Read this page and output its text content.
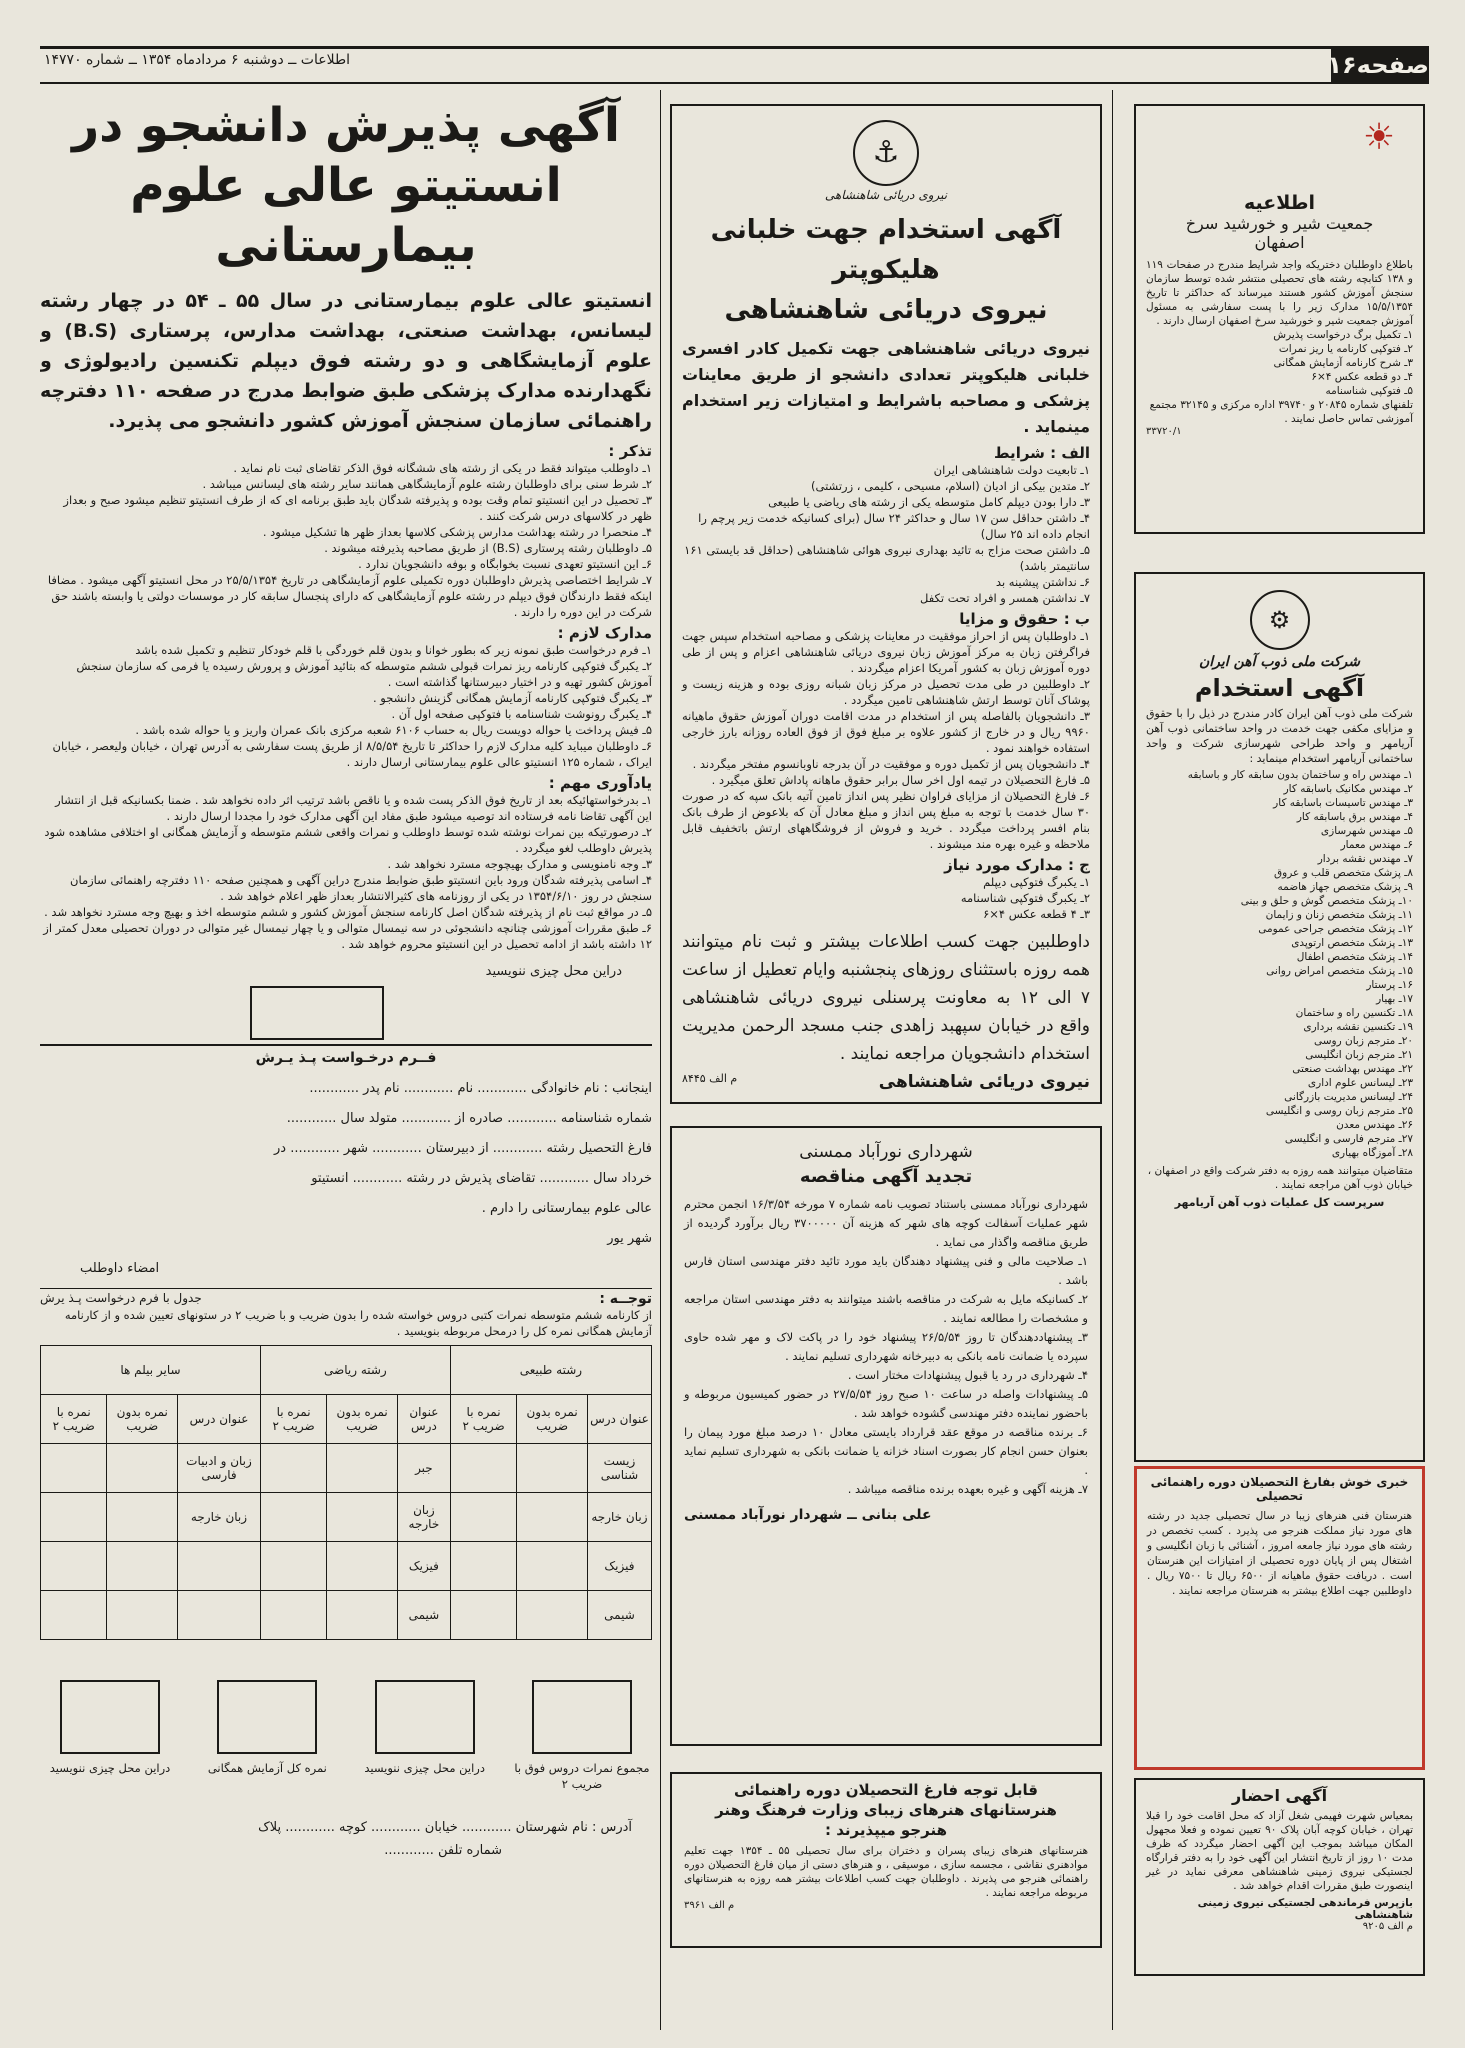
صفحه۱۶
اطلاعات ــ دوشنبه ۶ مردادماه ۱۳۵۴ ــ شماره ۱۴۷۷۰
آگهی پذیرش دانشجو در
انستیتو عالی علوم بیمارستانی
انستیتو عالی علوم بیمارستانی در سال ۵۵ ـ ۵۴ در چهار رشته لیسانس، بهداشت صنعتی، بهداشت مدارس، پرستاری (B.S) و علوم آزمایشگاهی و دو رشته فوق دیپلم تکنسین رادیولوژی و نگهدارنده مدارک پزشکی طبق ضوابط مدرج در صفحه ۱۱۰ دفترچه راهنمائی سازمان سنجش آموزش کشور دانشجو می پذیرد.
تذکر :
۱ـ داوطلب میتواند فقط در یکی از رشته های ششگانه فوق الذکر تقاضای ثبت نام نماید .
۲ـ شرط سنی برای داوطلبان رشته علوم آزمایشگاهی همانند سایر رشته های لیسانس میباشد .
۳ـ تحصیل در این انستیتو تمام وقت بوده و پذیرفته شدگان باید طبق برنامه ای که از طرف انستیتو تنظیم میشود صبح و بعداز ظهر در کلاسهای درس شرکت کنند .
۴ـ منحصرا در رشته بهداشت مدارس پزشکی کلاسها بعداز ظهر ها تشکیل میشود .
۵ـ داوطلبان رشته پرستاری (B.S) از طریق مصاحبه پذیرفته میشوند .
۶ـ این انستیتو تعهدی نسبت بخوابگاه و بوفه دانشجویان ندارد .
۷ـ شرایط اختصاصی پذیرش داوطلبان دوره تکمیلی علوم آزمایشگاهی در تاریخ ۲۵/۵/۱۳۵۴ در محل انستیتو آگهی میشود . مضافا اینکه فقط دارندگان فوق دیپلم در رشته علوم آزمایشگاهی که دارای پنجسال سابقه کار در موسسات دولتی یا وابسته باشند حق شرکت در این دوره را دارند .
مدارک لازم :
۱ـ فرم درخواست طبق نمونه زیر که بطور خوانا و بدون قلم خوردگی با قلم خودکار تنظیم و تکمیل شده باشد
۲ـ یکبرگ فتوکپی کارنامه ریز نمرات قبولی ششم متوسطه که بتائید آموزش و پرورش رسیده یا فرمی که سازمان سنجش آموزش کشور تهیه و در اختیار دبیرستانها گذاشته است .
۳ـ یکبرگ فتوکپی کارنامه آزمایش همگانی گزینش دانشجو .
۴ـ یکبرگ رونوشت شناسنامه با فتوکپی صفحه اول آن .
۵ـ فیش پرداخت یا حواله دویست ریال به حساب ۶۱۰۶ شعبه مرکزی بانک عمران واریز و یا حواله شده باشد .
۶ـ داوطلبان میباید کلیه مدارک لازم را حداکثر تا تاریخ ۸/۵/۵۴ از طریق پست سفارشی به آدرس تهران ، خیابان ولیعصر ، خیابان ایراک ، شماره ۱۲۵ انستیتو عالی علوم بیمارستانی ارسال دارند .
یادآوری مهم :
۱ـ بدرخواستهائیکه بعد از تاریخ فوق الذکر پست شده و یا ناقص باشد ترتیب اثر داده نخواهد شد . ضمنا بکسانیکه قبل از انتشار این آگهی تقاضا نامه فرستاده اند توصیه میشود طبق مفاد این آگهی مدارک خود را مجددا ارسال دارند .
۲ـ درصورتیکه بین نمرات نوشته شده توسط داوطلب و نمرات واقعی ششم متوسطه و آزمایش همگانی او اختلافی مشاهده شود پذیرش داوطلب لغو میگردد .
۳ـ وجه نامنویسی و مدارک بهیچوجه مسترد نخواهد شد .
۴ـ اسامی پذیرفته شدگان ورود باین انستیتو طبق ضوابط مندرج دراین آگهی و همچنین صفحه ۱۱۰ دفترچه راهنمائی سازمان سنجش در روز ۱۳۵۴/۶/۱۰ در یکی از روزنامه های کثیرالانتشار بعداز ظهر اعلام خواهد شد .
۵ـ در مواقع ثبت نام از پذیرفته شدگان اصل کارنامه سنجش آموزش کشور و ششم متوسطه اخذ و بهیچ وجه مسترد نخواهد شد .
۶ـ طبق مقررات آموزشی چنانچه دانشجوئی در سه نیمسال متوالی و یا چهار نیمسال غیر متوالی در دوران تحصیلی معدل کمتر از ۱۲ داشته باشد از ادامه تحصیل در این انستیتو محروم خواهد شد .
دراین محل چیزی ننویسید
فــرم درخـواست پـذ یـرش
اینجانب : نام خانوادگی ............ نام ............ نام پدر ............
شماره شناسنامه ............ صادره از ............ متولد سال ............
فارغ التحصیل رشته ............ از دبیرستان ............ شهر ............ در
خرداد سال ............ تقاضای پذیرش در رشته ............ انستیتو
عالی علوم بیمارستانی را دارم .
شهر یور
امضاء داوطلب
توجــه :
جدول با فرم درخواست پـذ یرش
از کارنامه ششم متوسطه نمرات کتبی دروس خواسته شده را بدون ضریب و با ضریب ۲ در ستونهای تعیین شده و از کارنامه آزمایش همگانی نمره کل را درمحل مربوطه بنویسید .
رشته طبیعی			رشته ریاضی			سایر بیلم ها		
عنوان درس	نمره بدون ضریب	نمره با ضریب ۲	عنوان درس	نمره بدون ضریب	نمره با ضریب ۲	عنوان درس	نمره بدون ضریب	نمره با ضریب ۲
زیست شناسی			جبر			زبان و ادبیات فارسی		
زبان خارجه			زبان خارجه			زبان خارجه		
فیزیک			فیزیک					
شیمی			شیمی					
مجموع نمرات دروس فوق با ضریب ۲
دراین محل چیزی ننویسید
نمره کل آزمایش همگانی
دراین محل چیزی ننویسید
آدرس : نام شهرستان ............ خیابان ............ کوچه ............ پلاک
شماره تلفن ............
⚓
نیروی دریائی شاهنشاهی
آگهی استخدام جهت خلبانی هلیکوپتر
نیروی دریائی شاهنشاهی
نیروی دریائی شاهنشاهی جهت تکمیل کادر افسری خلبانی هلیکوپتر تعدادی دانشجو از طریق معاینات پزشکی و مصاحبه باشرایط و امتیازات زیر استخدام مینماید .
الف : شرایط
۱ـ تابعیت دولت شاهنشاهی ایران
۲ـ متدین بیکی از ادیان (اسلام، مسیحی ، کلیمی ، زرتشتی)
۳ـ دارا بودن دیپلم کامل متوسطه یکی از رشته های ریاضی یا طبیعی
۴ـ داشتن حداقل سن ۱۷ سال و حداکثر ۲۴ سال (برای کسانیکه خدمت زیر پرچم را انجام داده اند ۲۵ سال)
۵ـ داشتن صحت مزاج به تائید بهداری نیروی هوائی شاهنشاهی (حداقل قد بایستی ۱۶۱ سانتیمتر باشد)
۶ـ نداشتن پیشینه بد
۷ـ نداشتن همسر و افراد تحت تکفل
ب : حقوق و مزایا
۱ـ داوطلبان پس از احراز موفقیت در معاینات پزشکی و مصاحبه استخدام سپس جهت فراگرفتن زبان به مرکز آموزش زبان نیروی دریائی شاهنشاهی اعزام و پس از طی دوره آموزش زبان به کشور آمریکا اعزام میگردند .
۲ـ داوطلبین در طی مدت تحصیل در مرکز زبان شبانه روزی بوده و هزینه زیست و پوشاک آنان توسط ارتش شاهنشاهی تامین میگردد .
۳ـ دانشجویان بالفاصله پس از استخدام در مدت اقامت دوران آموزش حقوق ماهیانه ۹۹۶۰ ریال و در خارج از کشور علاوه بر مبلغ فوق از فوق العاده روزانه بارز خارجی استفاده خواهند نمود .
۴ـ دانشجویان پس از تکمیل دوره و موفقیت در آن بدرجه ناوبانسوم مفتخر میگردند .
۵ـ فارغ التحصیلان در تیمه اول اخر سال برابر حقوق ماهانه پاداش تعلق میگیرد .
۶ـ فارغ التحصیلان از مزایای فراوان نظیر پس انداز تامین آتیه بانک سپه که در صورت ۳۰ سال خدمت با توجه به مبلغ پس انداز و مبلغ معادل آن که بلاعوض از طرف بانک بنام افسر پرداخت میگردد . خرید و فروش از فروشگاههای ارتش باتخفیف قابل ملاحظه و غیره بهره مند میشوند .
ج : مدارک مورد نیاز
۱ـ یکبرگ فتوکپی دیپلم
۲ـ یکبرگ فتوکپی شناسنامه
۳ـ ۴ قطعه عکس ۴×۶
داوطلبین جهت کسب اطلاعات بیشتر و ثبت نام میتوانند همه روزه باستثنای روزهای پنجشنبه وایام تعطیل از ساعت ۷ الی ۱۲ به معاونت پرسنلی نیروی دریائی شاهنشاهی واقع در خیابان سپهبد زاهدی جنب مسجد الرحمن مدیریت استخدام دانشجویان مراجعه نمایند .
نیروی دریائی شاهنشاهی
م الف ۸۴۴۵
شهرداری نورآباد ممسنی
تجدید آگهی مناقصه
شهرداری نورآباد ممسنی باستناد تصویب نامه شماره ۷ مورخه ۱۶/۳/۵۴ انجمن محترم شهر عملیات آسفالت کوچه های شهر که هزینه آن ۳۷۰۰۰۰۰ ریال برآورد گردیده از طریق مناقصه واگذار می نماید .
۱ـ صلاحیت مالی و فنی پیشنهاد دهندگان باید مورد تائید دفتر مهندسی استان فارس باشد .
۲ـ کسانیکه مایل به شرکت در مناقصه باشند میتوانند به دفتر مهندسی استان مراجعه و مشخصات را مطالعه نمایند .
۳ـ پیشنهاددهندگان تا روز ۲۶/۵/۵۴ پیشنهاد خود را در پاکت لاک و مهر شده حاوی سپرده یا ضمانت نامه بانکی به دبیرخانه شهرداری تسلیم نمایند .
۴ـ شهرداری در رد یا قبول پیشنهادات مختار است .
۵ـ پیشنهادات واصله در ساعت ۱۰ صبح روز ۲۷/۵/۵۴ در حضور کمیسیون مربوطه و باحضور نماینده دفتر مهندسی گشوده خواهد شد .
۶ـ برنده مناقصه در موقع عقد قرارداد بایستی معادل ۱۰ درصد مبلغ مورد پیمان را بعنوان حسن انجام کار بصورت اسناد خزانه یا ضمانت بانکی به شهرداری تسلیم نماید .
۷ـ هزینه آگهی و غیره بعهده برنده مناقصه میباشد .
علی بنانی ــ شهردار نورآباد ممسنی
قابل توجه فارغ التحصیلان دوره راهنمائی
هنرستانهای هنرهای زیبای وزارت فرهنگ وهنر
هنرجو میپذیرند :
هنرستانهای هنرهای زیبای پسران و دختران برای سال تحصیلی ۵۵ ـ ۱۳۵۴ جهت تعلیم موادهنری نقاشی ، مجسمه سازی ، موسیقی ، و هنرهای دستی از میان فارغ التحصیلان دوره راهنمائی هنرجو می پذیرند . داوطلبان جهت کسب اطلاعات بیشتر همه روزه به هنرستانهای مربوطه مراجعه نمایند .
م الف ۳۹۶۱
☀
اطلاعیه
جمعیت شیر و خورشید سرخ
اصفهان
باطلاع داوطلبان دختریکه واجد شرایط مندرج در صفحات ۱۱۹ و ۱۳۸ کتابچه رشته های تحصیلی منتشر شده توسط سازمان سنجش آموزش کشور هستند میرساند که حداکثر تا تاریخ ۱۵/۵/۱۳۵۴ مدارک زیر را با پست سفارشی به مسئول آموزش جمعیت شیر و خورشید سرخ اصفهان ارسال دارند .
۱ـ تکمیل برگ درخواست پذیرش
۲ـ فتوکپی کارنامه یا ریز نمرات
۳ـ شرح کارنامه آزمایش همگانی
۴ـ دو قطعه عکس ۴×۶
۵ـ فتوکپی شناسنامه
تلفنهای شماره ۲۰۸۴۵ و ۳۹۷۴۰ اداره مرکزی و ۳۲۱۴۵ مجتمع آموزشی تماس حاصل نمایند .
۳۳۷۲۰/۱
⚙
شرکت ملی ذوب آهن ایران
آگهی استخدام
شرکت ملی ذوب آهن ایران کادر مندرج در ذیل را با حقوق و مزایای مکفی جهت خدمت در واحد ساختمانی ذوب آهن آریامهر و واحد طراحی شهرسازی شرکت و واحد ساختمانی آریامهر استخدام مینماید :
۱ـ مهندس راه و ساختمان بدون سابقه کار و باسابقه
۲ـ مهندس مکانیک باسابقه کار
۳ـ مهندس تاسیسات باسابقه کار
۴ـ مهندس برق باسابقه کار
۵ـ مهندس شهرسازی
۶ـ مهندس معمار
۷ـ مهندس نقشه بردار
۸ـ پزشک متخصص قلب و عروق
۹ـ پزشک متخصص جهاز هاضمه
۱۰ـ پزشک متخصص گوش و حلق و بینی
۱۱ـ پزشک متخصص زنان و زایمان
۱۲ـ پزشک متخصص جراحی عمومی
۱۳ـ پزشک متخصص ارتوپدی
۱۴ـ پزشک متخصص اطفال
۱۵ـ پزشک متخصص امراض روانی
۱۶ـ پرستار
۱۷ـ بهیار
۱۸ـ تکنسین راه و ساختمان
۱۹ـ تکنسین نقشه برداری
۲۰ـ مترجم زبان روسی
۲۱ـ مترجم زبان انگلیسی
۲۲ـ مهندس بهداشت صنعتی
۲۳ـ لیسانس علوم اداری
۲۴ـ لیسانس مدیریت بازرگانی
۲۵ـ مترجم زبان روسی و انگلیسی
۲۶ـ مهندس معدن
۲۷ـ مترجم فارسی و انگلیسی
۲۸ـ آموزگاه بهیاری
متقاضیان میتوانند همه روزه به دفتر شرکت واقع در اصفهان ، خیابان ذوب آهن مراجعه نمایند .
سرپرست کل عملیات ذوب آهن آریامهر
خبری خوش بفارغ التحصیلان دوره راهنمائی تحصیلی
هنرستان فنی هنرهای زیبا در سال تحصیلی جدید در رشته های مورد نیاز مملکت هنرجو می پذیرد . کسب تخصص در رشته های مورد نیاز جامعه امروز ، آشنائی با زبان انگلیسی و اشتغال پس از پایان دوره تحصیلی از امتیازات این هنرستان است . دریافت حقوق ماهیانه از ۶۵۰۰ ریال تا ۷۵۰۰ ریال . داوطلبین جهت اطلاع بیشتر به هنرستان مراجعه نمایند .
آگهی احضار
بمعیاس شهرت فهیمی شغل آزاد که محل اقامت خود را قبلا تهران ، خیابان کوچه آبان پلاک ۹۰ تعیین نموده و فعلا مجهول المکان میباشد بموجب این آگهی احضار میگردد که ظرف مدت ۱۰ روز از تاریخ انتشار این آگهی خود را به دفتر قرارگاه لجستیکی نیروی زمینی شاهنشاهی معرفی نماید در غیر اینصورت طبق مقررات اقدام خواهد شد .
بازپرس فرماندهی لجستیکی نیروی زمینی شاهنشاهی
م الف ۹۲۰۵
